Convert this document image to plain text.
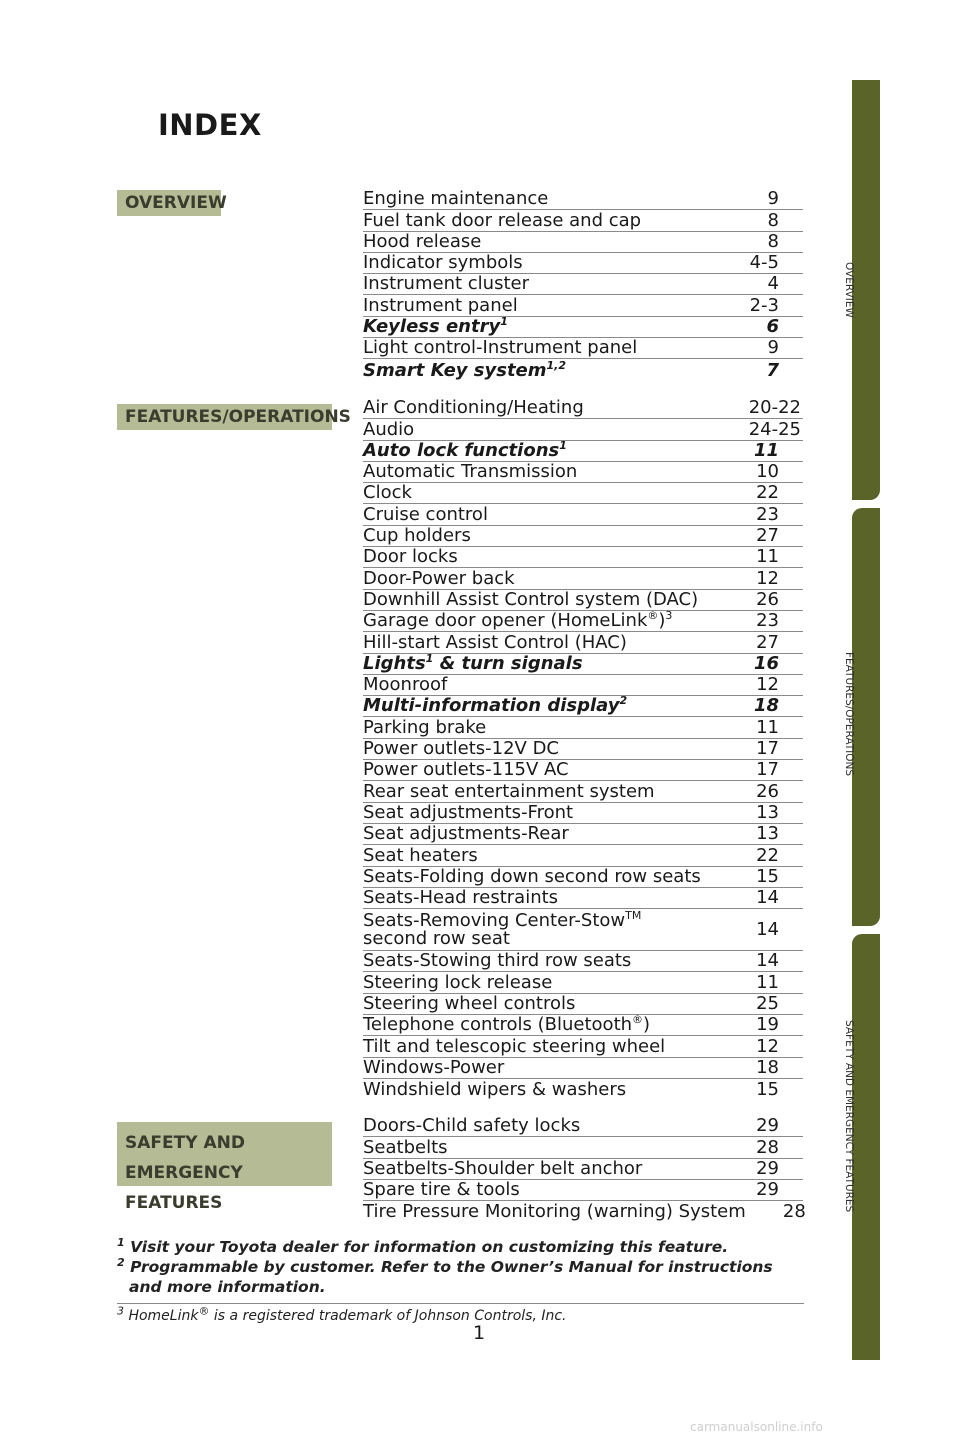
INDEX
OVERVIEW
FEATURES/OPERATIONS
SAFETY AND
EMERGENCY FEATURES
Engine maintenance	9
Fuel tank door release and cap	8
Hood release	8
Indicator symbols	4-5
Instrument cluster	4
Instrument panel	2-3
Keyless entry$^1$	6
Light control-Instrument panel	9
Smart Key system$^{1,2}$	7
Air Conditioning/Heating	20-22
Audio	24-25
Auto lock functions$^1$	11
Automatic Transmission	10
Clock	22
Cruise control	23
Cup holders	27
Door locks	11
Door-Power back	12
Downhill Assist Control system (DAC)	26
Garage door opener (HomeLink®)$^3$	23
Hill-start Assist Control (HAC)	27
Lights$^1$ & turn signals	16
Moonroof	12
Multi-information display$^2$	18
Parking brake	11
Power outlets-12V DC	17
Power outlets-115V AC	17
Rear seat entertainment system	26
Seat adjustments-Front	13
Seat adjustments-Rear	13
Seat heaters	22
Seats-Folding down second row seats	15
Seats-Head restraints	14
Seats-Removing Center-Stow™
second row seat	14
Seats-Stowing third row seats	14
Steering lock release	11
Steering wheel controls	25
Telephone controls (Bluetooth®)	19
Tilt and telescopic steering wheel	12
Windows-Power	18
Windshield wipers & washers	15
Doors-Child safety locks	29
Seatbelts	28
Seatbelts-Shoulder belt anchor	29
Spare tire & tools	29
Tire Pressure Monitoring (warning) System	28
$^1$ Visit your Toyota dealer for information on customizing this feature.
$^2$ Programmable by customer. Refer to the Owner’s Manual for instructions and more information.
$^3$ HomeLink® is a registered trademark of Johnson Controls, Inc.
1
OVERVIEW
FEATURES/OPERATIONS
SAFETY AND EMERGENCY FEATURES
carmanualsonline.info
